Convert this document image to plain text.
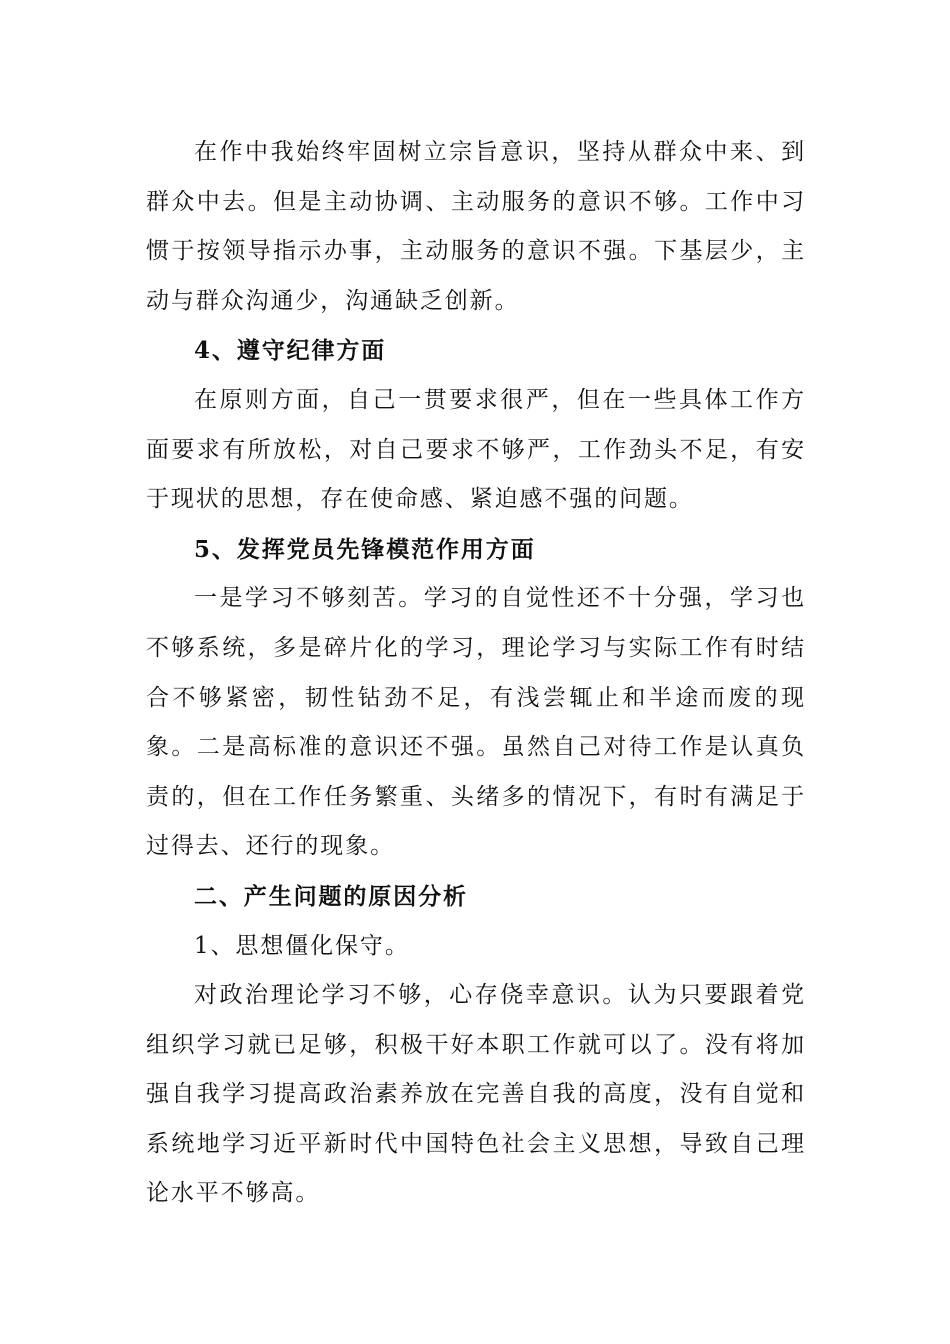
在作中我始终牢固树立宗旨意识，坚持从群众中来、到群众中去。但是主动协调、主动服务的意识不够。工作中习惯于按领导指示办事，主动服务的意识不强。下基层少，主动与群众沟通少，沟通缺乏创新。

4、遵守纪律方面

在原则方面，自己一贯要求很严，但在一些具体工作方面要求有所放松，对自己要求不够严，工作劲头不足，有安于现状的思想，存在使命感、紧迫感不强的问题。

5、发挥党员先锋模范作用方面

一是学习不够刻苦。学习的自觉性还不十分强，学习也不够系统，多是碎片化的学习，理论学习与实际工作有时结合不够紧密，韧性钻劲不足，有浅尝辄止和半途而废的现象。二是高标准的意识还不强。虽然自己对待工作是认真负责的，但在工作任务繁重、头绪多的情况下，有时有满足于过得去、还行的现象。

二、产生问题的原因分析

1、思想僵化保守。

对政治理论学习不够，心存侥幸意识。认为只要跟着党组织学习就已足够，积极干好本职工作就可以了。没有将加强自我学习提高政治素养放在完善自我的高度，没有自觉和系统地学习近平新时代中国特色社会主义思想，导致自己理论水平不够高。
